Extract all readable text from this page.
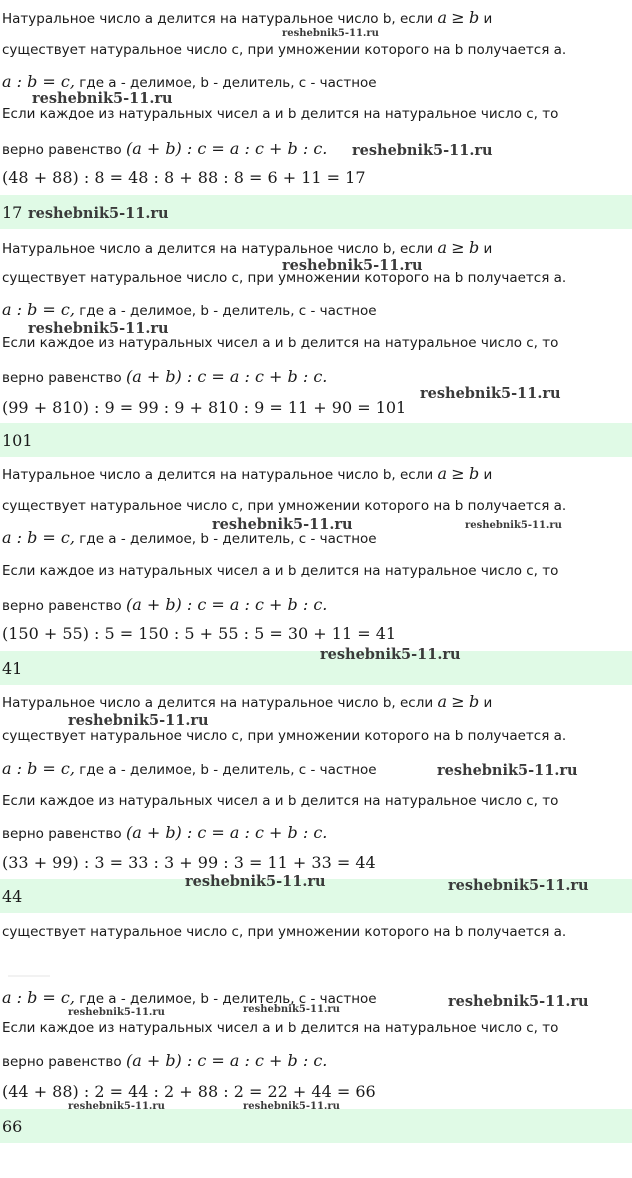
Натуральное число а делится на натуральное число b, если a ≥ b и
существует натуральное число c, при умножении которого на b получается а.
a : b = c, где а - делимое, b - делитель, c - частное
Если каждое из натуральных чисел a и b делится на натуральное число c, то
верно равенство (a + b) : c = a : c + b : c.
(48 + 88) : 8 = 48 : 8 + 88 : 8 = 6 + 11 = 17
17
Натуральное число а делится на натуральное число b, если a ≥ b и
существует натуральное число c, при умножении которого на b получается а.
a : b = c, где а - делимое, b - делитель, c - частное
Если каждое из натуральных чисел a и b делится на натуральное число c, то
верно равенство (a + b) : c = a : c + b : c.
(99 + 810) : 9 = 99 : 9 + 810 : 9 = 11 + 90 = 101
101
Натуральное число а делится на натуральное число b, если a ≥ b и
существует натуральное число c, при умножении которого на b получается а.
a : b = c, где а - делимое, b - делитель, c - частное
Если каждое из натуральных чисел a и b делится на натуральное число c, то
верно равенство (a + b) : c = a : c + b : c.
(150 + 55) : 5 = 150 : 5 + 55 : 5 = 30 + 11 = 41
41
Натуральное число а делится на натуральное число b, если a ≥ b и
существует натуральное число c, при умножении которого на b получается а.
a : b = c, где а - делимое, b - делитель, c - частное
Если каждое из натуральных чисел a и b делится на натуральное число c, то
верно равенство (a + b) : c = a : c + b : c.
(33 + 99) : 3 = 33 : 3 + 99 : 3 = 11 + 33 = 44
44
существует натуральное число c, при умножении которого на b получается а.
a : b = c, где а - делимое, b - делитель, c - частное
Если каждое из натуральных чисел a и b делится на натуральное число c, то
верно равенство (a + b) : c = a : c + b : c.
(44 + 88) : 2 = 44 : 2 + 88 : 2 = 22 + 44 = 66
66
reshebnik5-11.ru
reshebnik5-11.ru
reshebnik5-11.ru
reshebnik5-11.ru
reshebnik5-11.ru
reshebnik5-11.ru
reshebnik5-11.ru
reshebnik5-11.ru	reshebnik5-11.ru
reshebnik5-11.ru
reshebnik5-11.ru
reshebnik5-11.ru
reshebnik5-11.ru	reshebnik5-11.ru
reshebnik5-11.ru
reshebnik5-11.ru	reshebnik5-11.ru
reshebnik5-11.ru	reshebnik5-11.ru
